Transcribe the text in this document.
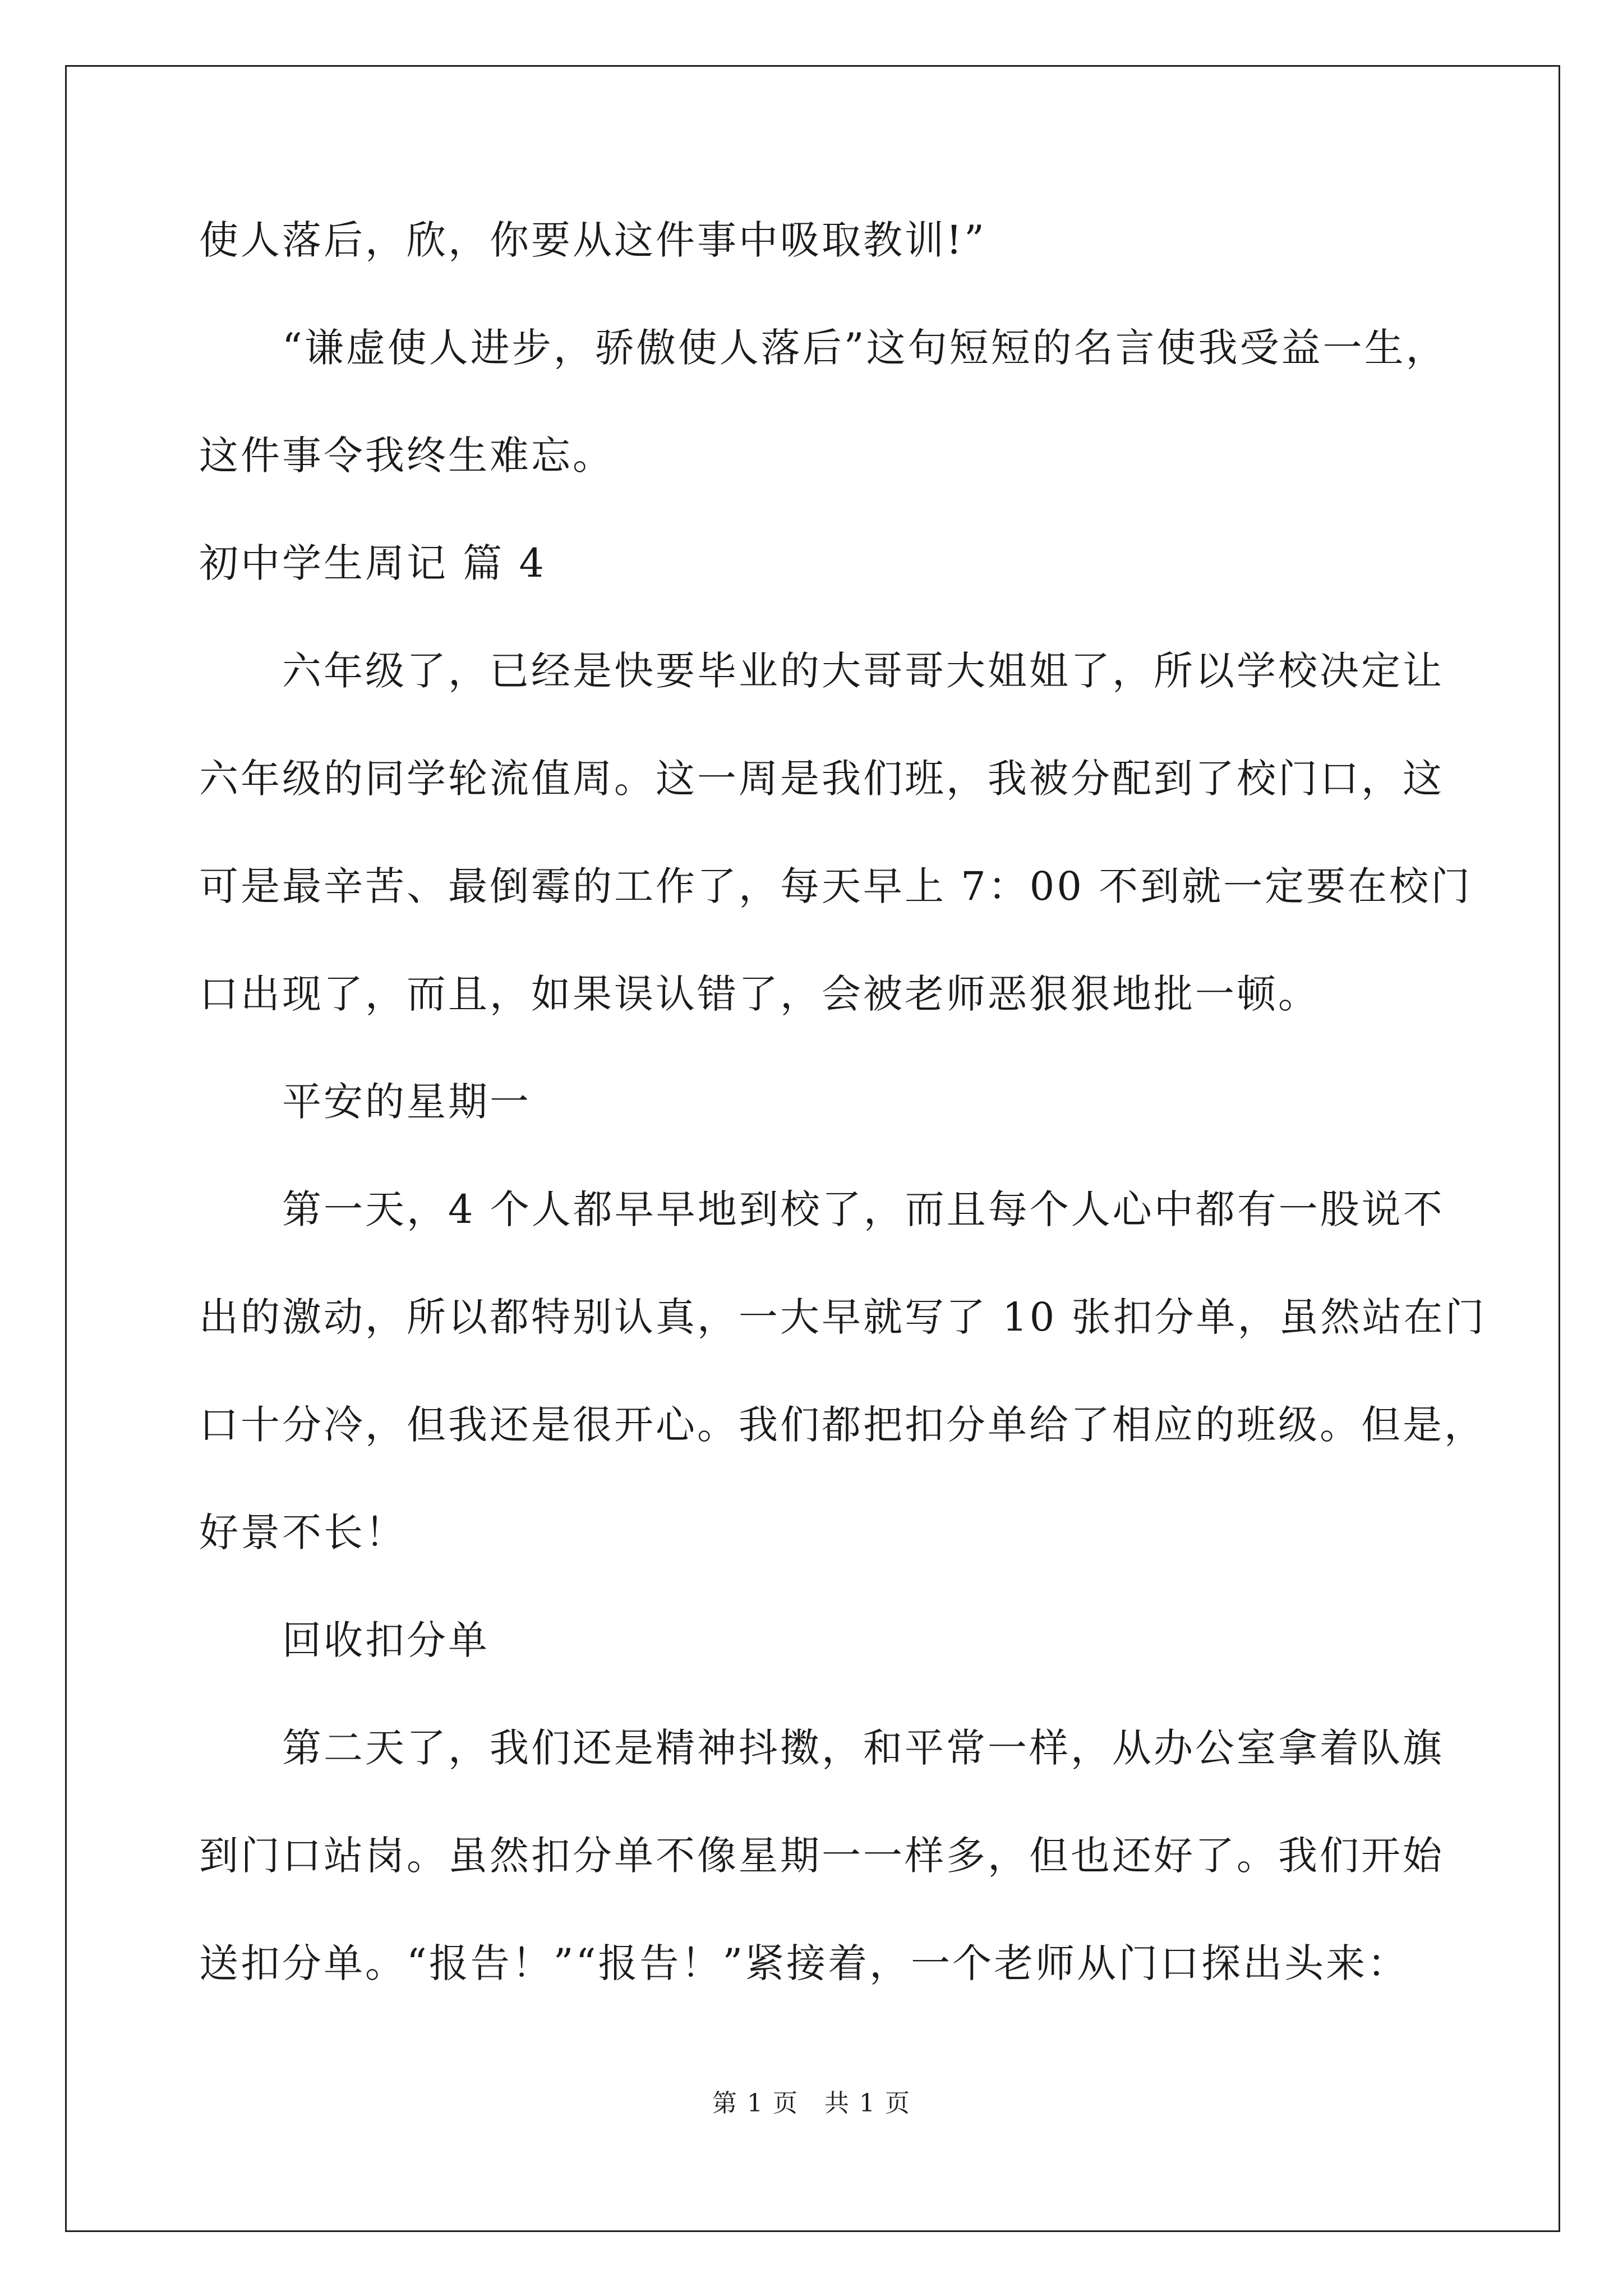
使人落后，欣，你要从这件事中吸取教训!”
“谦虚使人进步，骄傲使人落后”这句短短的名言使我受益一生，
这件事令我终生难忘。
初中学生周记 篇 4
六年级了，已经是快要毕业的大哥哥大姐姐了，所以学校决定让
六年级的同学轮流值周。这一周是我们班，我被分配到了校门口，这
可是最辛苦、最倒霉的工作了，每天早上 7：00 不到就一定要在校门
口出现了，而且，如果误认错了，会被老师恶狠狠地批一顿。
平安的星期一
第一天，4 个人都早早地到校了，而且每个人心中都有一股说不
出的激动，所以都特别认真，一大早就写了 10 张扣分单，虽然站在门
口十分冷，但我还是很开心。我们都把扣分单给了相应的班级。但是，
好景不长！
回收扣分单
第二天了，我们还是精神抖擞，和平常一样，从办公室拿着队旗
到门口站岗。虽然扣分单不像星期一一样多，但也还好了。我们开始
送扣分单。“报告！”“报告！”紧接着，一个老师从门口探出头来：
第 1 页　共 1 页
